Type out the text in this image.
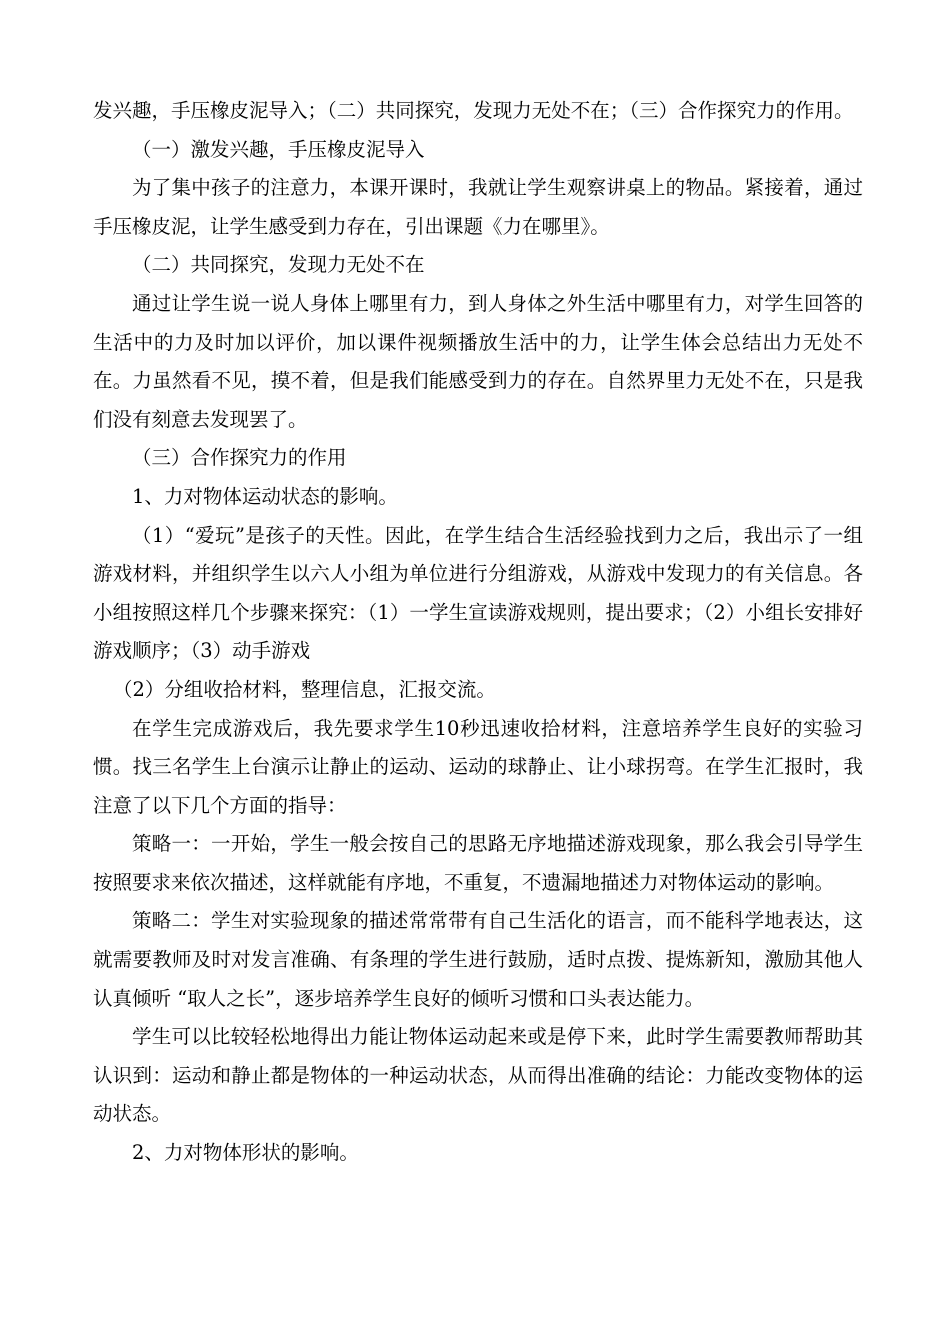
发兴趣，手压橡皮泥导入；（二）共同探究，发现力无处不在；（三）合作探究力的作用。

（一）激发兴趣，手压橡皮泥导入

为了集中孩子的注意力，本课开课时，我就让学生观察讲桌上的物品。紧接着，通过手压橡皮泥，让学生感受到力存在，引出课题《力在哪里》。

（二）共同探究，发现力无处不在

通过让学生说一说人身体上哪里有力，到人身体之外生活中哪里有力，对学生回答的生活中的力及时加以评价，加以课件视频播放生活中的力，让学生体会总结出力无处不在。力虽然看不见，摸不着，但是我们能感受到力的存在。自然界里力无处不在，只是我们没有刻意去发现罢了。

（三）合作探究力的作用

1、力对物体运动状态的影响。

（1）“爱玩”是孩子的天性。因此，在学生结合生活经验找到力之后，我出示了一组游戏材料，并组织学生以六人小组为单位进行分组游戏，从游戏中发现力的有关信息。各小组按照这样几个步骤来探究：（1）一学生宣读游戏规则，提出要求；（2）小组长安排好游戏顺序；（3）动手游戏

（2）分组收拾材料，整理信息，汇报交流。

在学生完成游戏后，我先要求学生10秒迅速收拾材料，注意培养学生良好的实验习惯。找三名学生上台演示让静止的运动、运动的球静止、让小球拐弯。在学生汇报时，我注意了以下几个方面的指导：

策略一：一开始，学生一般会按自己的思路无序地描述游戏现象，那么我会引导学生按照要求来依次描述，这样就能有序地，不重复，不遗漏地描述力对物体运动的影响。

策略二：学生对实验现象的描述常常带有自己生活化的语言，而不能科学地表达，这就需要教师及时对发言准确、有条理的学生进行鼓励，适时点拨、提炼新知，激励其他人认真倾听 “取人之长”，逐步培养学生良好的倾听习惯和口头表达能力。

学生可以比较轻松地得出力能让物体运动起来或是停下来，此时学生需要教师帮助其认识到：运动和静止都是物体的一种运动状态，从而得出准确的结论：力能改变物体的运动状态。

2、力对物体形状的影响。
